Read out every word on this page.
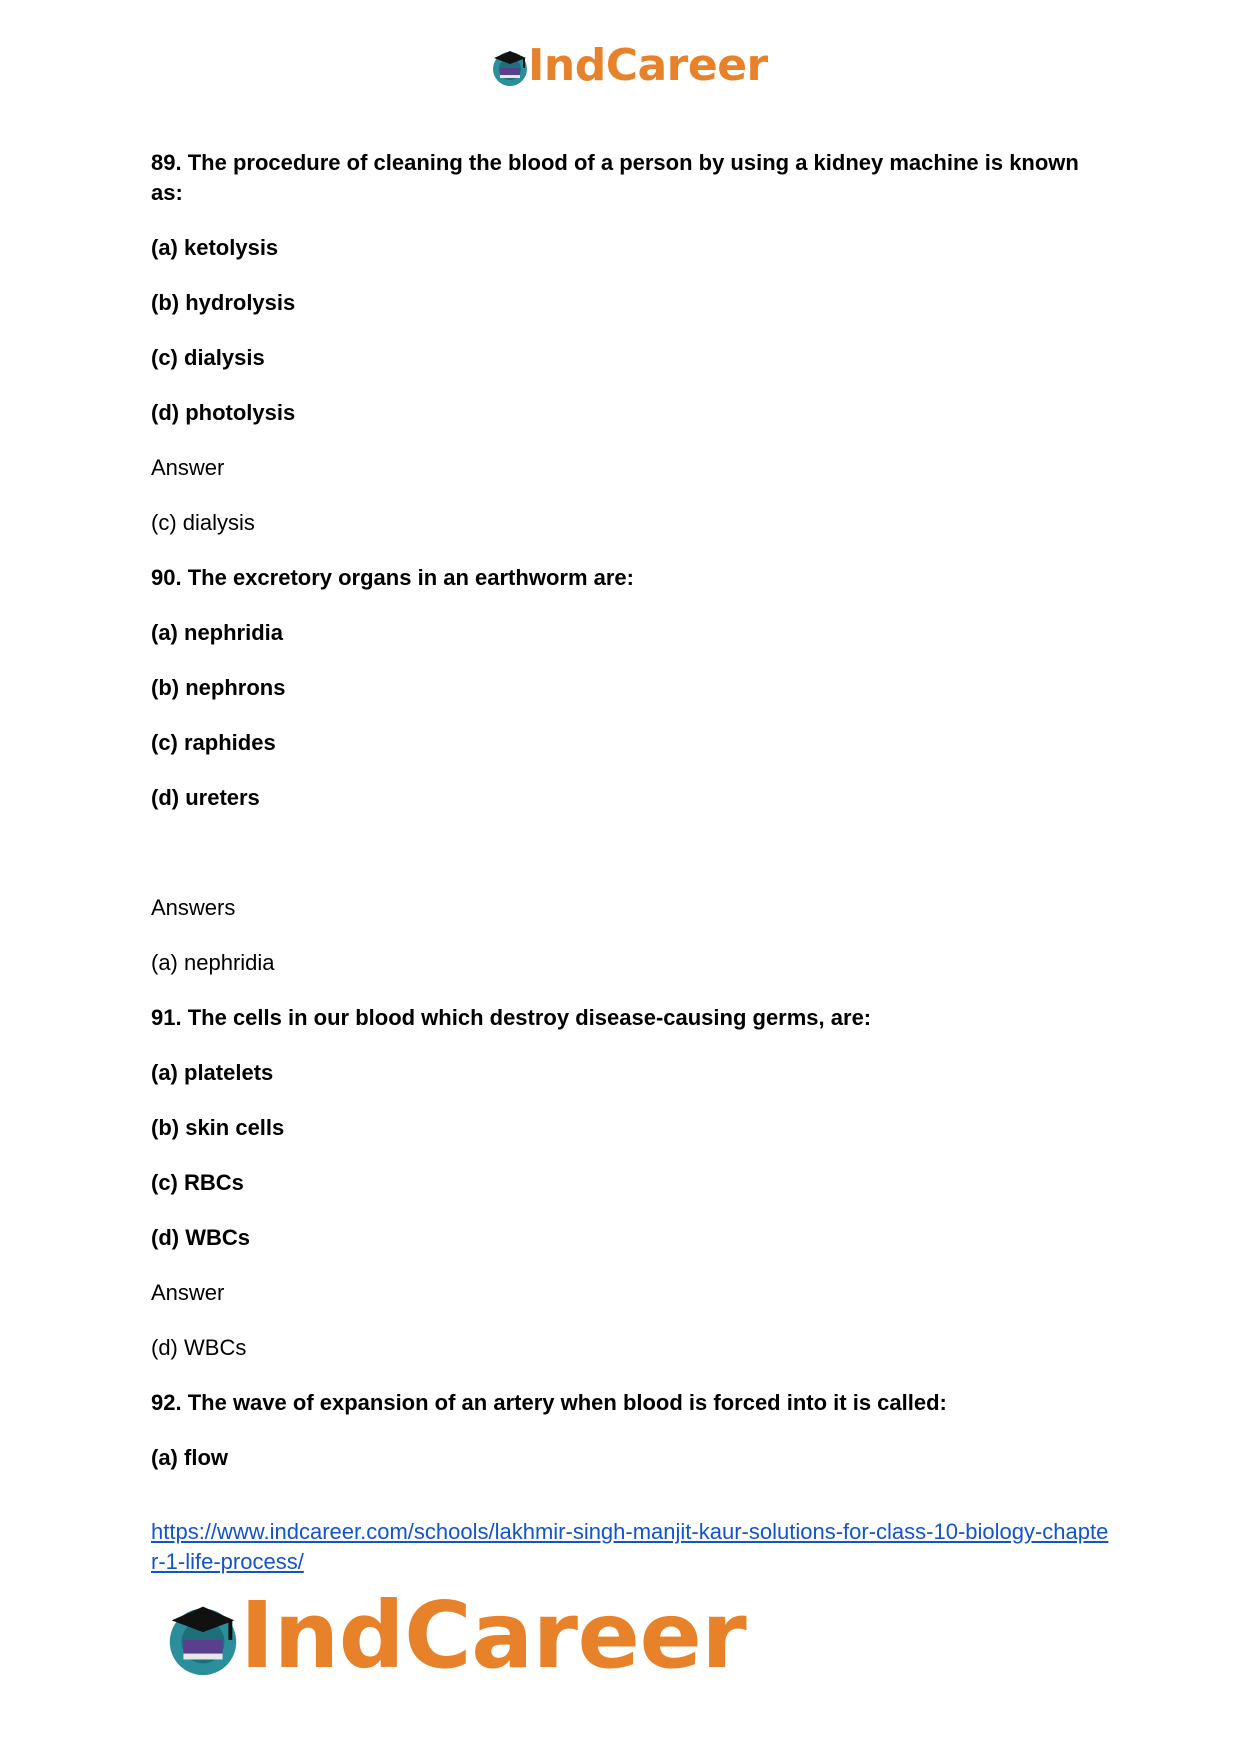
IndCareer

89. The procedure of cleaning the blood of a person by using a kidney machine is known as:

(a) ketolysis

(b) hydrolysis

(c) dialysis

(d) photolysis

Answer

(c) dialysis

90. The excretory organs in an earthworm are:

(a) nephridia

(b) nephrons

(c) raphides

(d) ureters

Answers

(a) nephridia

91. The cells in our blood which destroy disease-causing germs, are:

(a) platelets

(b) skin cells

(c) RBCs

(d) WBCs

Answer

(d) WBCs

92. The wave of expansion of an artery when blood is forced into it is called:

(a) flow

https://www.indcareer.com/schools/lakhmir-singh-manjit-kaur-solutions-for-class-10-biology-chapter-1-life-process/
IndCareer
